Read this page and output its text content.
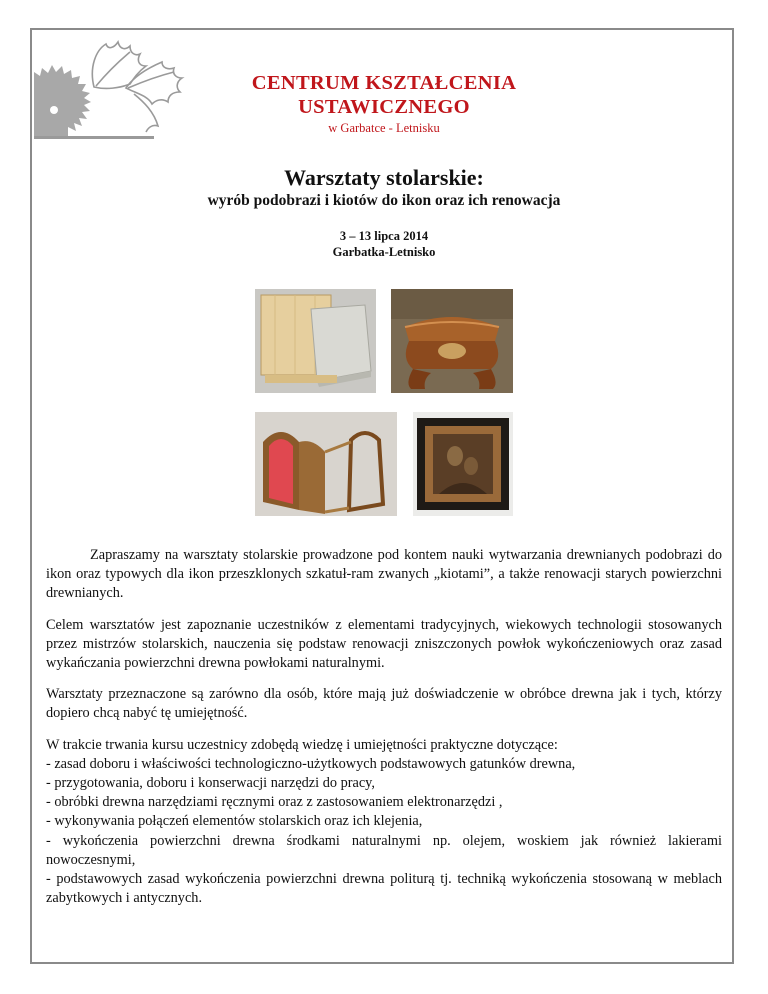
CENTRUM KSZTAŁCENIA
USTAWICZNEGO
w Garbatce - Letnisku
Warsztaty stolarskie:
wyrób podobrazi i kiotów do ikon oraz ich renowacja
3 – 13 lipca 2014
Garbatka-Letnisko

Zapraszamy na warsztaty stolarskie prowadzone pod kontem nauki wytwarzania drewnianych podobrazi do ikon oraz typowych dla ikon przeszklonych szkatuł-ram zwanych „kiotami”, a także renowacji starych powierzchni drewnianych.

Celem warsztatów jest zapoznanie uczestników z elementami tradycyjnych, wiekowych technologii stosowanych przez mistrzów stolarskich, nauczenia się podstaw renowacji zniszczonych powłok wykończeniowych oraz zasad wykańczania powierzchni drewna powłokami naturalnymi.

Warsztaty przeznaczone są zarówno dla osób, które mają już doświadczenie w obróbce drewna jak i tych, którzy dopiero chcą nabyć tę umiejętność.

W trakcie trwania kursu uczestnicy zdobędą wiedzę i umiejętności praktyczne dotyczące:
- zasad doboru i właściwości technologiczno-użytkowych podstawowych gatunków drewna,
- przygotowania, doboru i konserwacji narzędzi do pracy,
- obróbki drewna narzędziami ręcznymi oraz z zastosowaniem elektronarzędzi ,
- wykonywania połączeń elementów stolarskich oraz ich klejenia,
- wykończenia powierzchni drewna środkami naturalnymi np. olejem, woskiem jak również lakierami nowoczesnymi,
- podstawowych zasad wykończenia powierzchni drewna politurą tj. techniką wykończenia stosowaną w meblach zabytkowych i antycznych.
